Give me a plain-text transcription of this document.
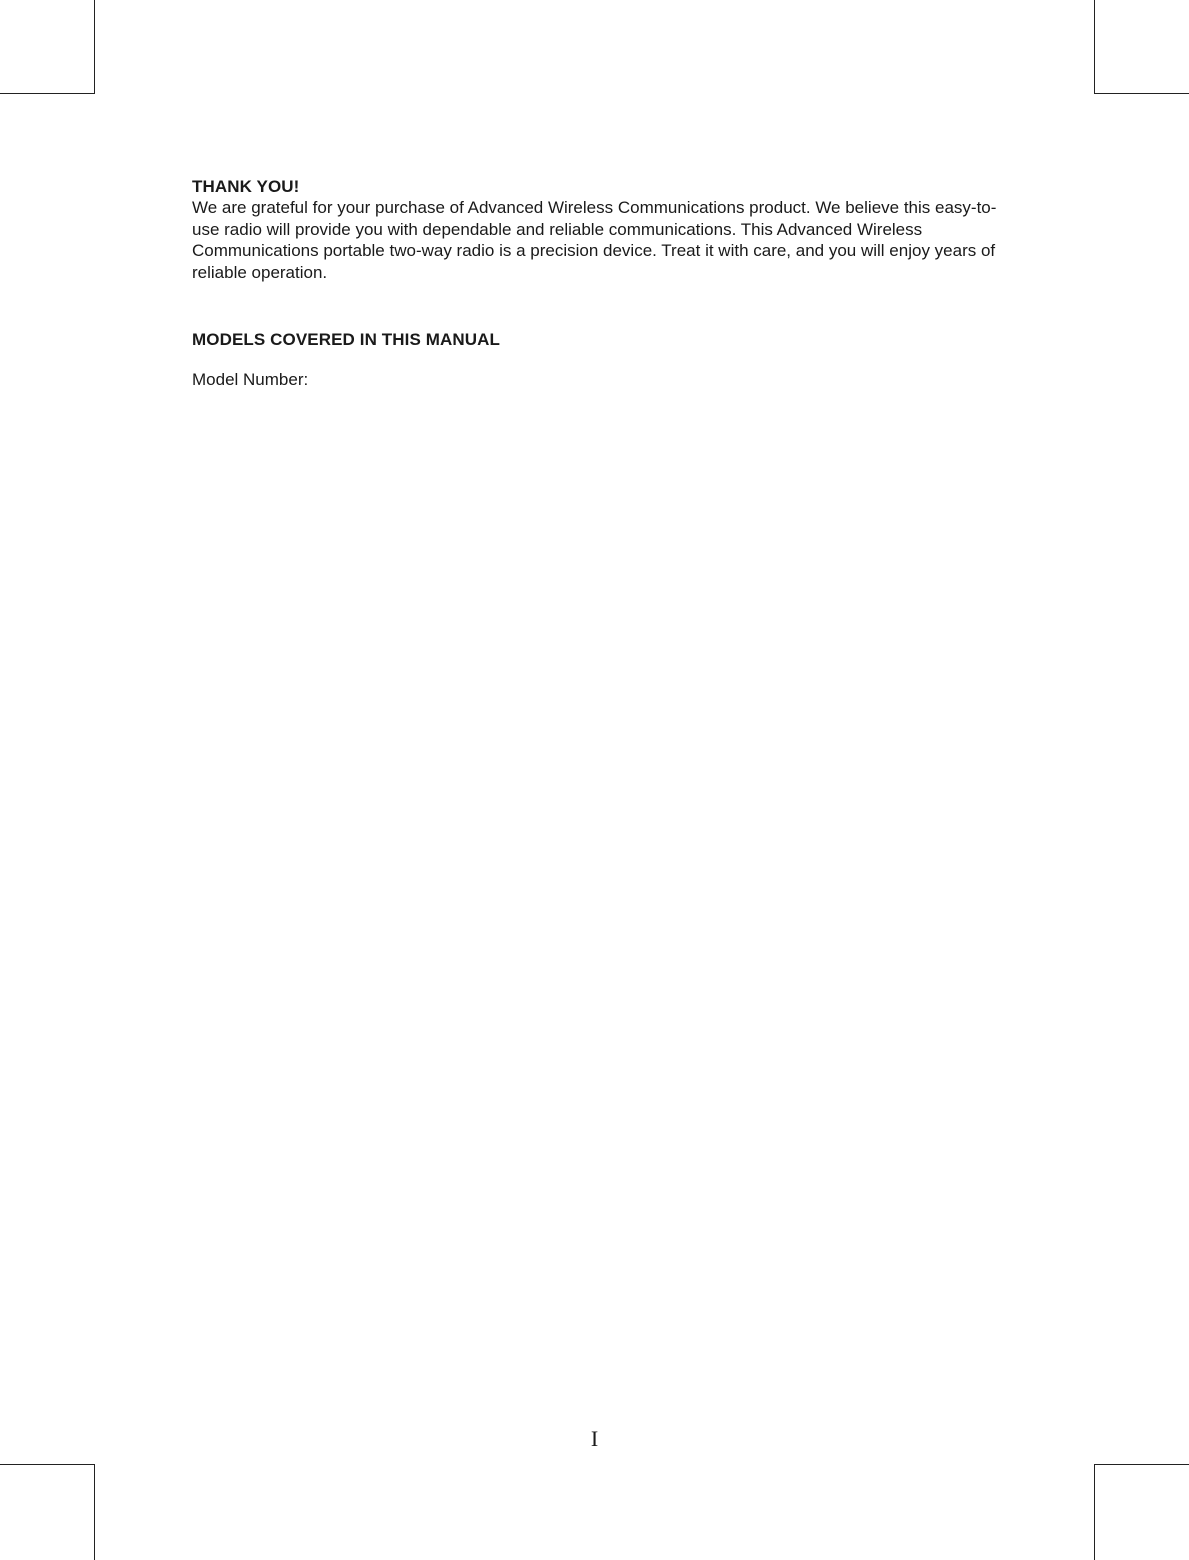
THANK YOU!

We are grateful for your purchase of Advanced Wireless Communications product. We believe this easy-to-use radio will provide you with dependable and reliable communications. This Advanced Wireless Communications portable two-way radio is a precision device. Treat it with care, and you will enjoy years of reliable operation.

MODELS COVERED IN THIS MANUAL
Model Number:
I
